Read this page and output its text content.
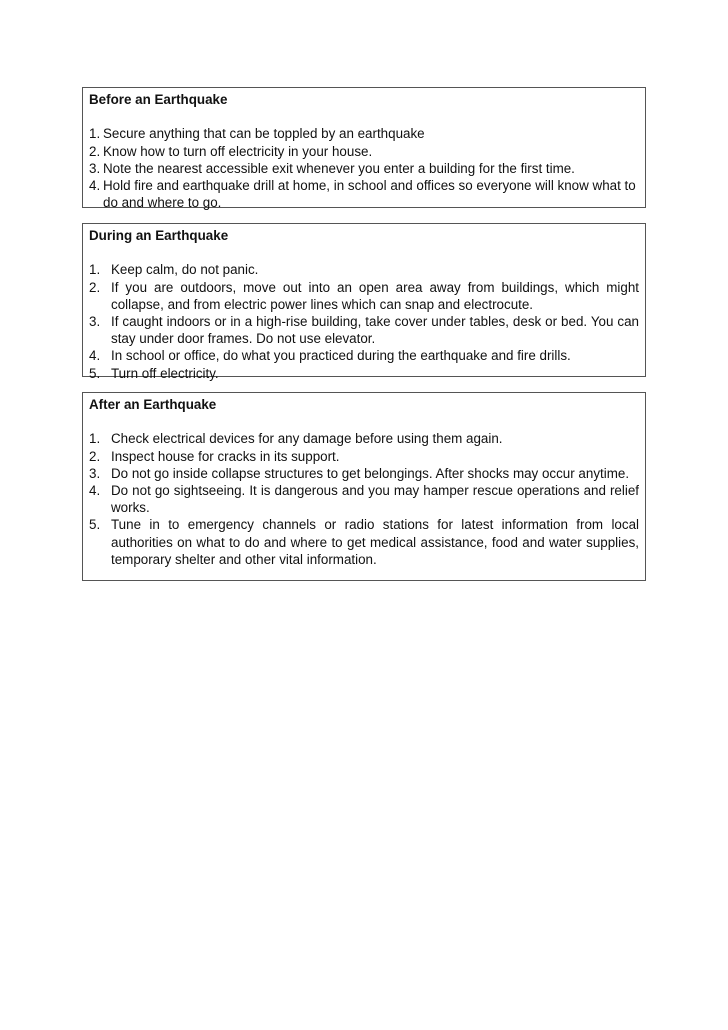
Before an Earthquake
1. Secure anything that can be toppled by an earthquake
2. Know how to turn off electricity in your house.
3. Note the nearest accessible exit whenever you enter a building for the first time.
4. Hold fire and earthquake drill at home, in school and offices so everyone will know what to do and where to go.
During an Earthquake
1. Keep calm, do not panic.
2. If you are outdoors, move out into an open area away from buildings, which might collapse, and from electric power lines which can snap and electrocute.
3. If caught indoors or in a high-rise building, take cover under tables, desk or bed. You can stay under door frames. Do not use elevator.
4. In school or office, do what you practiced during the earthquake and fire drills.
5. Turn off electricity.
After an Earthquake
1. Check electrical devices for any damage before using them again.
2. Inspect house for cracks in its support.
3. Do not go inside collapse structures to get belongings. After shocks may occur anytime.
4. Do not go sightseeing. It is dangerous and you may hamper rescue operations and relief works.
5. Tune in to emergency channels or radio stations for latest information from local authorities on what to do and where to get medical assistance, food and water supplies, temporary shelter and other vital information.
